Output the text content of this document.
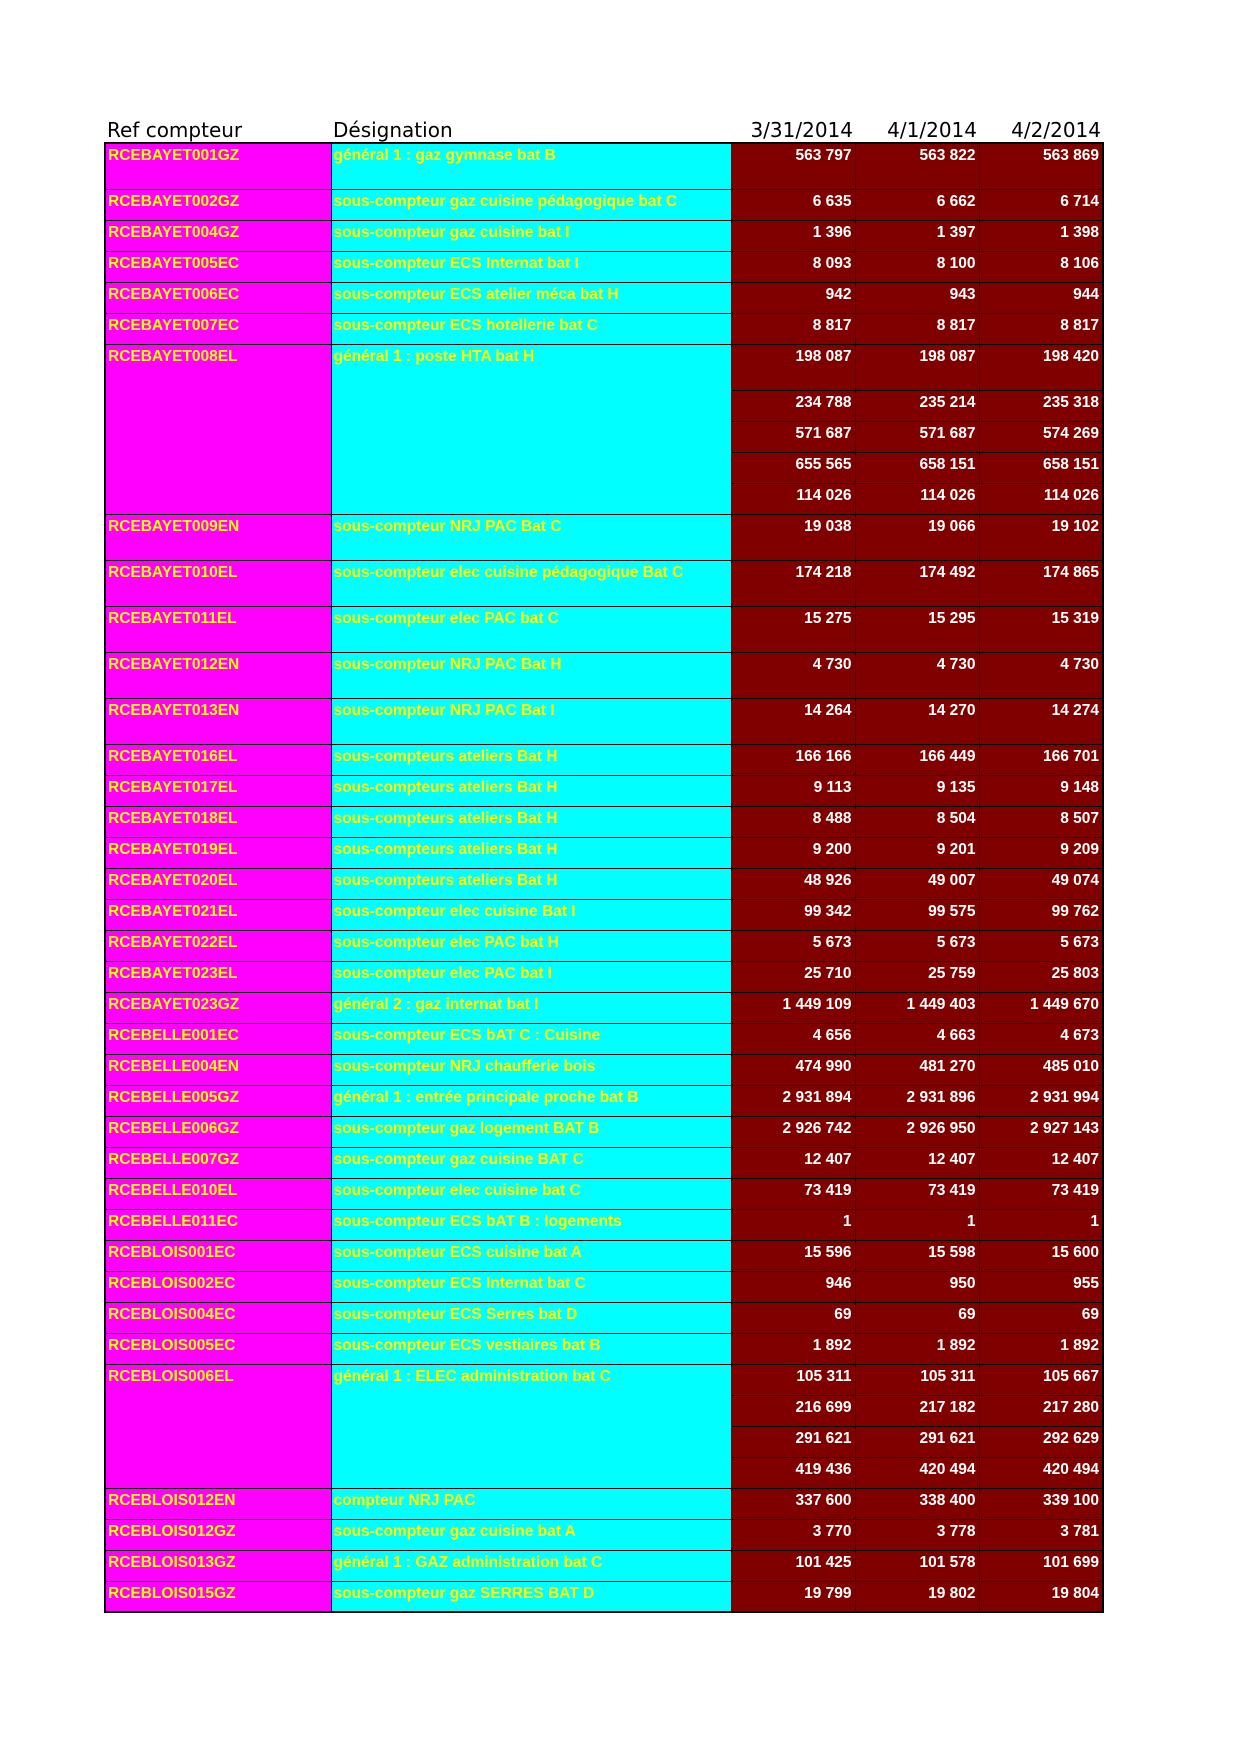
Ref compteur	Désignation	3/31/2014	4/1/2014	4/2/2014
RCEBAYET001GZ	général 1 : gaz gymnase bat B	563 797	563 822	563 869
RCEBAYET002GZ	sous-compteur gaz cuisine pédagogique bat C	6 635	6 662	6 714
RCEBAYET004GZ	sous-compteur gaz cuisine bat I	1 396	1 397	1 398
RCEBAYET005EC	sous-compteur ECS Internat bat I	8 093	8 100	8 106
RCEBAYET006EC	sous-compteur ECS atelier méca bat H	942	943	944
RCEBAYET007EC	sous-compteur ECS hotellerie bat C	8 817	8 817	8 817
RCEBAYET008EL	général 1 : poste HTA bat H	198 087	198 087	198 420
		234 788	235 214	235 318
		571 687	571 687	574 269
		655 565	658 151	658 151
		114 026	114 026	114 026
RCEBAYET009EN	sous-compteur NRJ PAC Bat C	19 038	19 066	19 102
RCEBAYET010EL	sous-compteur elec cuisine pédagogique Bat C	174 218	174 492	174 865
RCEBAYET011EL	sous-compteur elec PAC bat C	15 275	15 295	15 319
RCEBAYET012EN	sous-compteur NRJ PAC Bat H	4 730	4 730	4 730
RCEBAYET013EN	sous-compteur NRJ PAC Bat I	14 264	14 270	14 274
RCEBAYET016EL	sous-compteurs ateliers Bat H	166 166	166 449	166 701
RCEBAYET017EL	sous-compteurs ateliers Bat H	9 113	9 135	9 148
RCEBAYET018EL	sous-compteurs ateliers Bat H	8 488	8 504	8 507
RCEBAYET019EL	sous-compteurs ateliers Bat H	9 200	9 201	9 209
RCEBAYET020EL	sous-compteurs ateliers Bat H	48 926	49 007	49 074
RCEBAYET021EL	sous-compteur elec cuisine Bat I	99 342	99 575	99 762
RCEBAYET022EL	sous-compteur elec PAC bat H	5 673	5 673	5 673
RCEBAYET023EL	sous-compteur elec PAC bat I	25 710	25 759	25 803
RCEBAYET023GZ	général 2 : gaz internat bat I	1 449 109	1 449 403	1 449 670
RCEBELLE001EC	sous-compteur ECS bAT C : Cuisine	4 656	4 663	4 673
RCEBELLE004EN	sous-compteur NRJ chaufferie bois	474 990	481 270	485 010
RCEBELLE005GZ	général 1 : entrée principale proche bat B	2 931 894	2 931 896	2 931 994
RCEBELLE006GZ	sous-compteur gaz logement BAT B	2 926 742	2 926 950	2 927 143
RCEBELLE007GZ	sous-compteur gaz cuisine BAT C	12 407	12 407	12 407
RCEBELLE010EL	sous-compteur elec cuisine bat C	73 419	73 419	73 419
RCEBELLE011EC	sous-compteur ECS bAT B : logements	1	1	1
RCEBLOIS001EC	sous-compteur ECS cuisine bat A	15 596	15 598	15 600
RCEBLOIS002EC	sous-compteur ECS Internat bat C	946	950	955
RCEBLOIS004EC	sous-compteur ECS Serres bat D	69	69	69
RCEBLOIS005EC	sous-compteur ECS vestiaires bat B	1 892	1 892	1 892
RCEBLOIS006EL	général 1 : ELEC administration bat C	105 311	105 311	105 667
		216 699	217 182	217 280
		291 621	291 621	292 629
		419 436	420 494	420 494
RCEBLOIS012EN	compteur NRJ PAC	337 600	338 400	339 100
RCEBLOIS012GZ	sous-compteur gaz cuisine bat A	3 770	3 778	3 781
RCEBLOIS013GZ	général 1 : GAZ administration bat C	101 425	101 578	101 699
RCEBLOIS015GZ	sous-compteur gaz SERRES BAT D	19 799	19 802	19 804
